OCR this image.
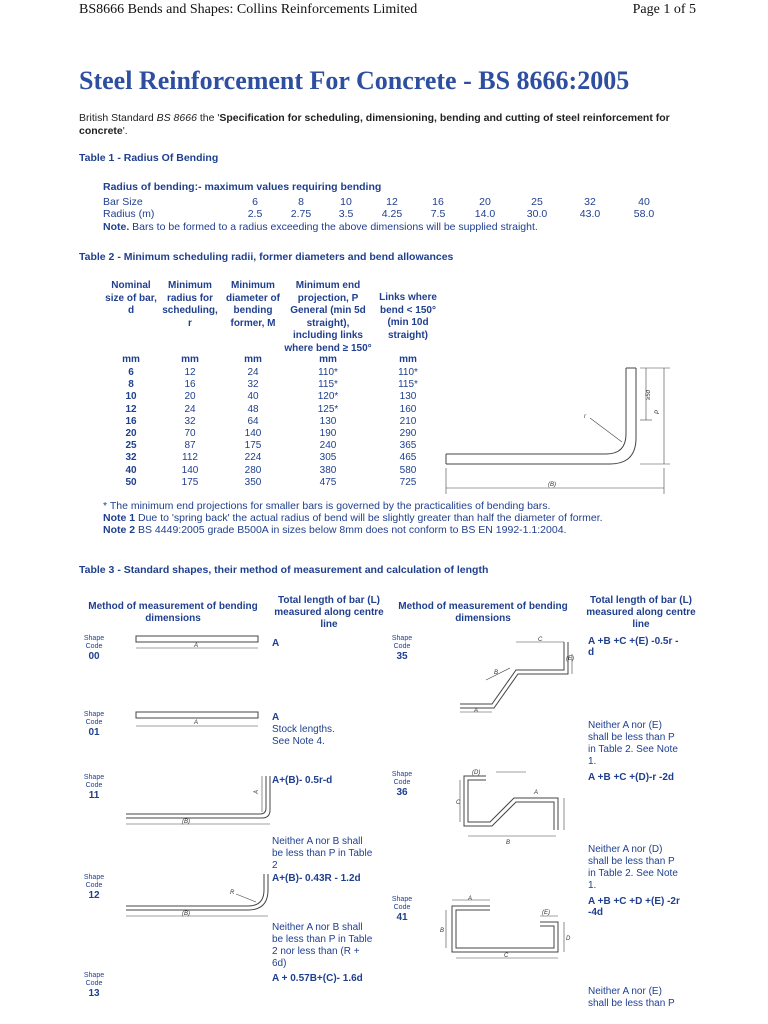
BS8666 Bends and Shapes: Collins Reinforcements Limited	Page 1 of 5
Steel Reinforcement For Concrete - BS 8666:2005
British Standard BS 8666 the 'Specification for scheduling, dimensioning, bending and cutting of steel reinforcement for concrete'.
Table 1 - Radius Of Bending
Radius of bending:- maximum values requiring bending
Bar Size	6	8	10	12	16	20	25	32	40
Radius (m)	2.5	2.75	3.5	4.25	7.5	14.0	30.0	43.0	58.0
Note. Bars to be formed to a radius exceeding the above dimensions will be supplied straight.
Table 2 - Minimum scheduling radii, former diameters and bend allowances
Nominal size of bar, d
Minimum radius for scheduling, r
Minimum diameter of bending former, M
Minimum end projection, P General (min 5d straight), including links where bend ≥ 150°
Links where bend < 150° (min 10d straight)
mm	mm	mm	mm	mm
6	12	24	110*	110*
8	16	32	115*	115*
10	20	40	120*	130
12	24	48	125*	160
16	32	64	130	210
20	70	140	190	290
25	87	175	240	365
32	112	224	305	465
40	140	280	380	580
50	175	350	475	725
≥5d
P
r
(B)
* The minimum end projections for smaller bars is governed by the practicalities of bending bars.
Note 1 Due to 'spring back' the actual radius of bend will be slightly greater than half the diameter of former.
Note 2 BS 4449:2005 grade B500A in sizes below 8mm does not conform to BS EN 1992-1.1:2004.
Table 3 - Standard shapes, their method of measurement and calculation of length
Method of measurement of bending dimensions
Total length of bar (L) measured along centre line
Method of measurement of bending dimensions
Total length of bar (L) measured along centre line
Shape Code
00
A	A
Shape Code
01
A	A
Stock lengths.
See Note 4.
Shape Code
11	A
(B)
A+(B)- 0.5r-d
Neither A nor B shall
be less than P in Table
2
Shape Code
12	R
(B)
A+(B)- 0.43R - 1.2d
Neither A nor B shall
be less than P in Table
2 nor less than (R +
6d)
Shape Code
13
A + 0.57B+(C)- 1.6d
Shape Code
35
C
(E)
B
A
A +B +C +(E) -0.5r -
d
Neither A nor (E)
shall be less than P
in Table 2. See Note
1.
Shape Code
36
(D)
C
A
B
A +B +C +(D)-r -2d
Neither A nor (D)
shall be less than P
in Table 2. See Note
1.
Shape Code
41
A
B
(E)
D
C
A +B +C +D +(E) -2r
-4d
Neither A nor (E)
shall be less than P
